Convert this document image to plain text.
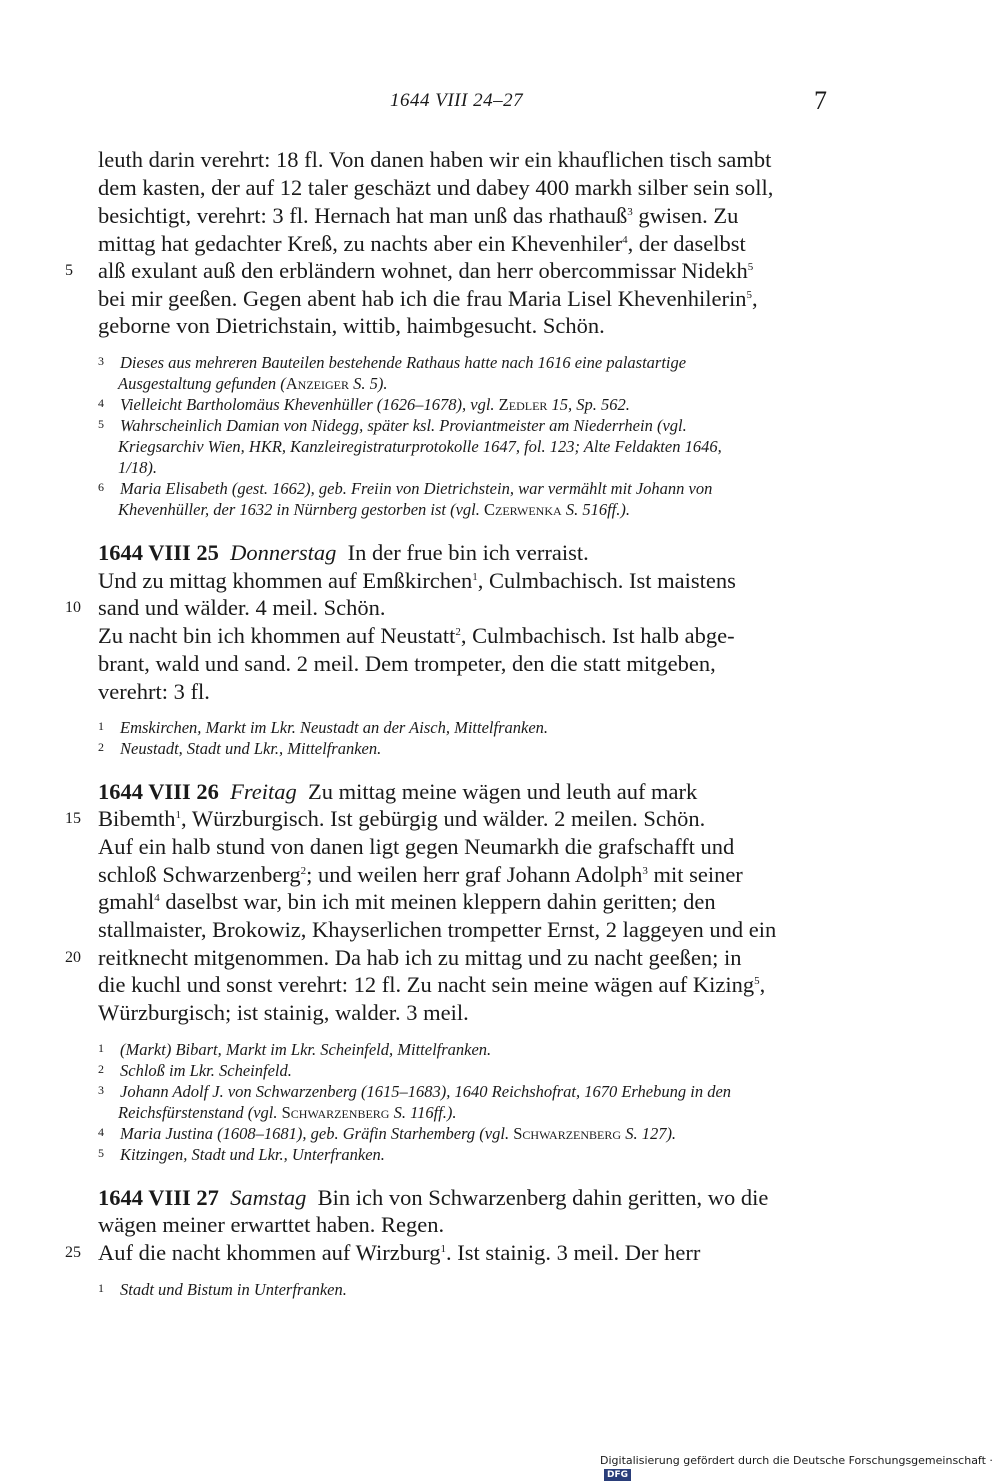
1644 VIII 24–27	7
leuth darin verehrt: 18 fl. Von danen haben wir ein khauflichen tisch sambt
dem kasten, der auf 12 taler geschäzt und dabey 400 markh silber sein soll,
besichtigt, verehrt: 3 fl. Hernach hat man unß das rhathauß$^3$ gwisen. Zu
mittag hat gedachter Kreß, zu nachts aber ein Khevenhiler$^4$, der daselbst
5 alß exulant auß den erbländern wohnet, dan herr obercommissar Nidekh$^5$
bei mir geeßen. Gegen abent hab ich die frau Maria Lisel Khevenhilerin$^5$,
geborne von Dietrichstain, wittib, haimbgesucht. Schön.
3 Dieses aus mehreren Bauteilen bestehende Rathaus hatte nach 1616 eine palastartige
Ausgestaltung gefunden (Anzeiger S. 5).
4 Vielleicht Bartholomäus Khevenhüller (1626–1678), vgl. Zedler 15, Sp. 562.
5 Wahrscheinlich Damian von Nidegg, später ksl. Proviantmeister am Niederrhein (vgl.
Kriegsarchiv Wien, HKR, Kanzleiregistraturprotokolle 1647, fol. 123; Alte Feldakten 1646,
1/18).
6 Maria Elisabeth (gest. 1662), geb. Freiin von Dietrichstein, war vermählt mit Johann von
Khevenhüller, der 1632 in Nürnberg gestorben ist (vgl. Czerwenka S. 516ff.).
1644 VIII 25 Donnerstag In der frue bin ich verraist.
Und zu mittag khommen auf Emßkirchen$^1$, Culmbachisch. Ist maistens
10 sand und wälder. 4 meil. Schön.
Zu nacht bin ich khommen auf Neustatt$^2$, Culmbachisch. Ist halb abge-
brant, wald und sand. 2 meil. Dem trompeter, den die statt mitgeben,
verehrt: 3 fl.
1 Emskirchen, Markt im Lkr. Neustadt an der Aisch, Mittelfranken.
2 Neustadt, Stadt und Lkr., Mittelfranken.
1644 VIII 26 Freitag Zu mittag meine wägen und leuth auf mark
15 Bibemth$^1$, Würzburgisch. Ist gebürgig und wälder. 2 meilen. Schön.
Auf ein halb stund von danen ligt gegen Neumarkh die grafschafft und
schloß Schwarzenberg$^2$; und weilen herr graf Johann Adolph$^3$ mit seiner
gmahl$^4$ daselbst war, bin ich mit meinen kleppern dahin geritten; den
stallmaister, Brokowiz, Khayserlichen trompetter Ernst, 2 laggeyen und ein
20 reitknecht mitgenommen. Da hab ich zu mittag und zu nacht geeßen; in
die kuchl und sonst verehrt: 12 fl. Zu nacht sein meine wägen auf Kizing$^5$,
Würzburgisch; ist stainig, walder. 3 meil.
1 (Markt) Bibart, Markt im Lkr. Scheinfeld, Mittelfranken.
2 Schloß im Lkr. Scheinfeld.
3 Johann Adolf J. von Schwarzenberg (1615–1683), 1640 Reichshofrat, 1670 Erhebung in den
Reichsfürstenstand (vgl. Schwarzenberg S. 116ff.).
4 Maria Justina (1608–1681), geb. Gräfin Starhemberg (vgl. Schwarzenberg S. 127).
5 Kitzingen, Stadt und Lkr., Unterfranken.
1644 VIII 27 Samstag Bin ich von Schwarzenberg dahin geritten, wo die
wägen meiner erwarttet haben. Regen.
25 Auf die nacht khommen auf Wirzburg$^1$. Ist stainig. 3 meil. Der herr
1 Stadt und Bistum in Unterfranken.
Digitalisierung gefördert durch die Deutsche Forschungsgemeinschaft ·DFG
